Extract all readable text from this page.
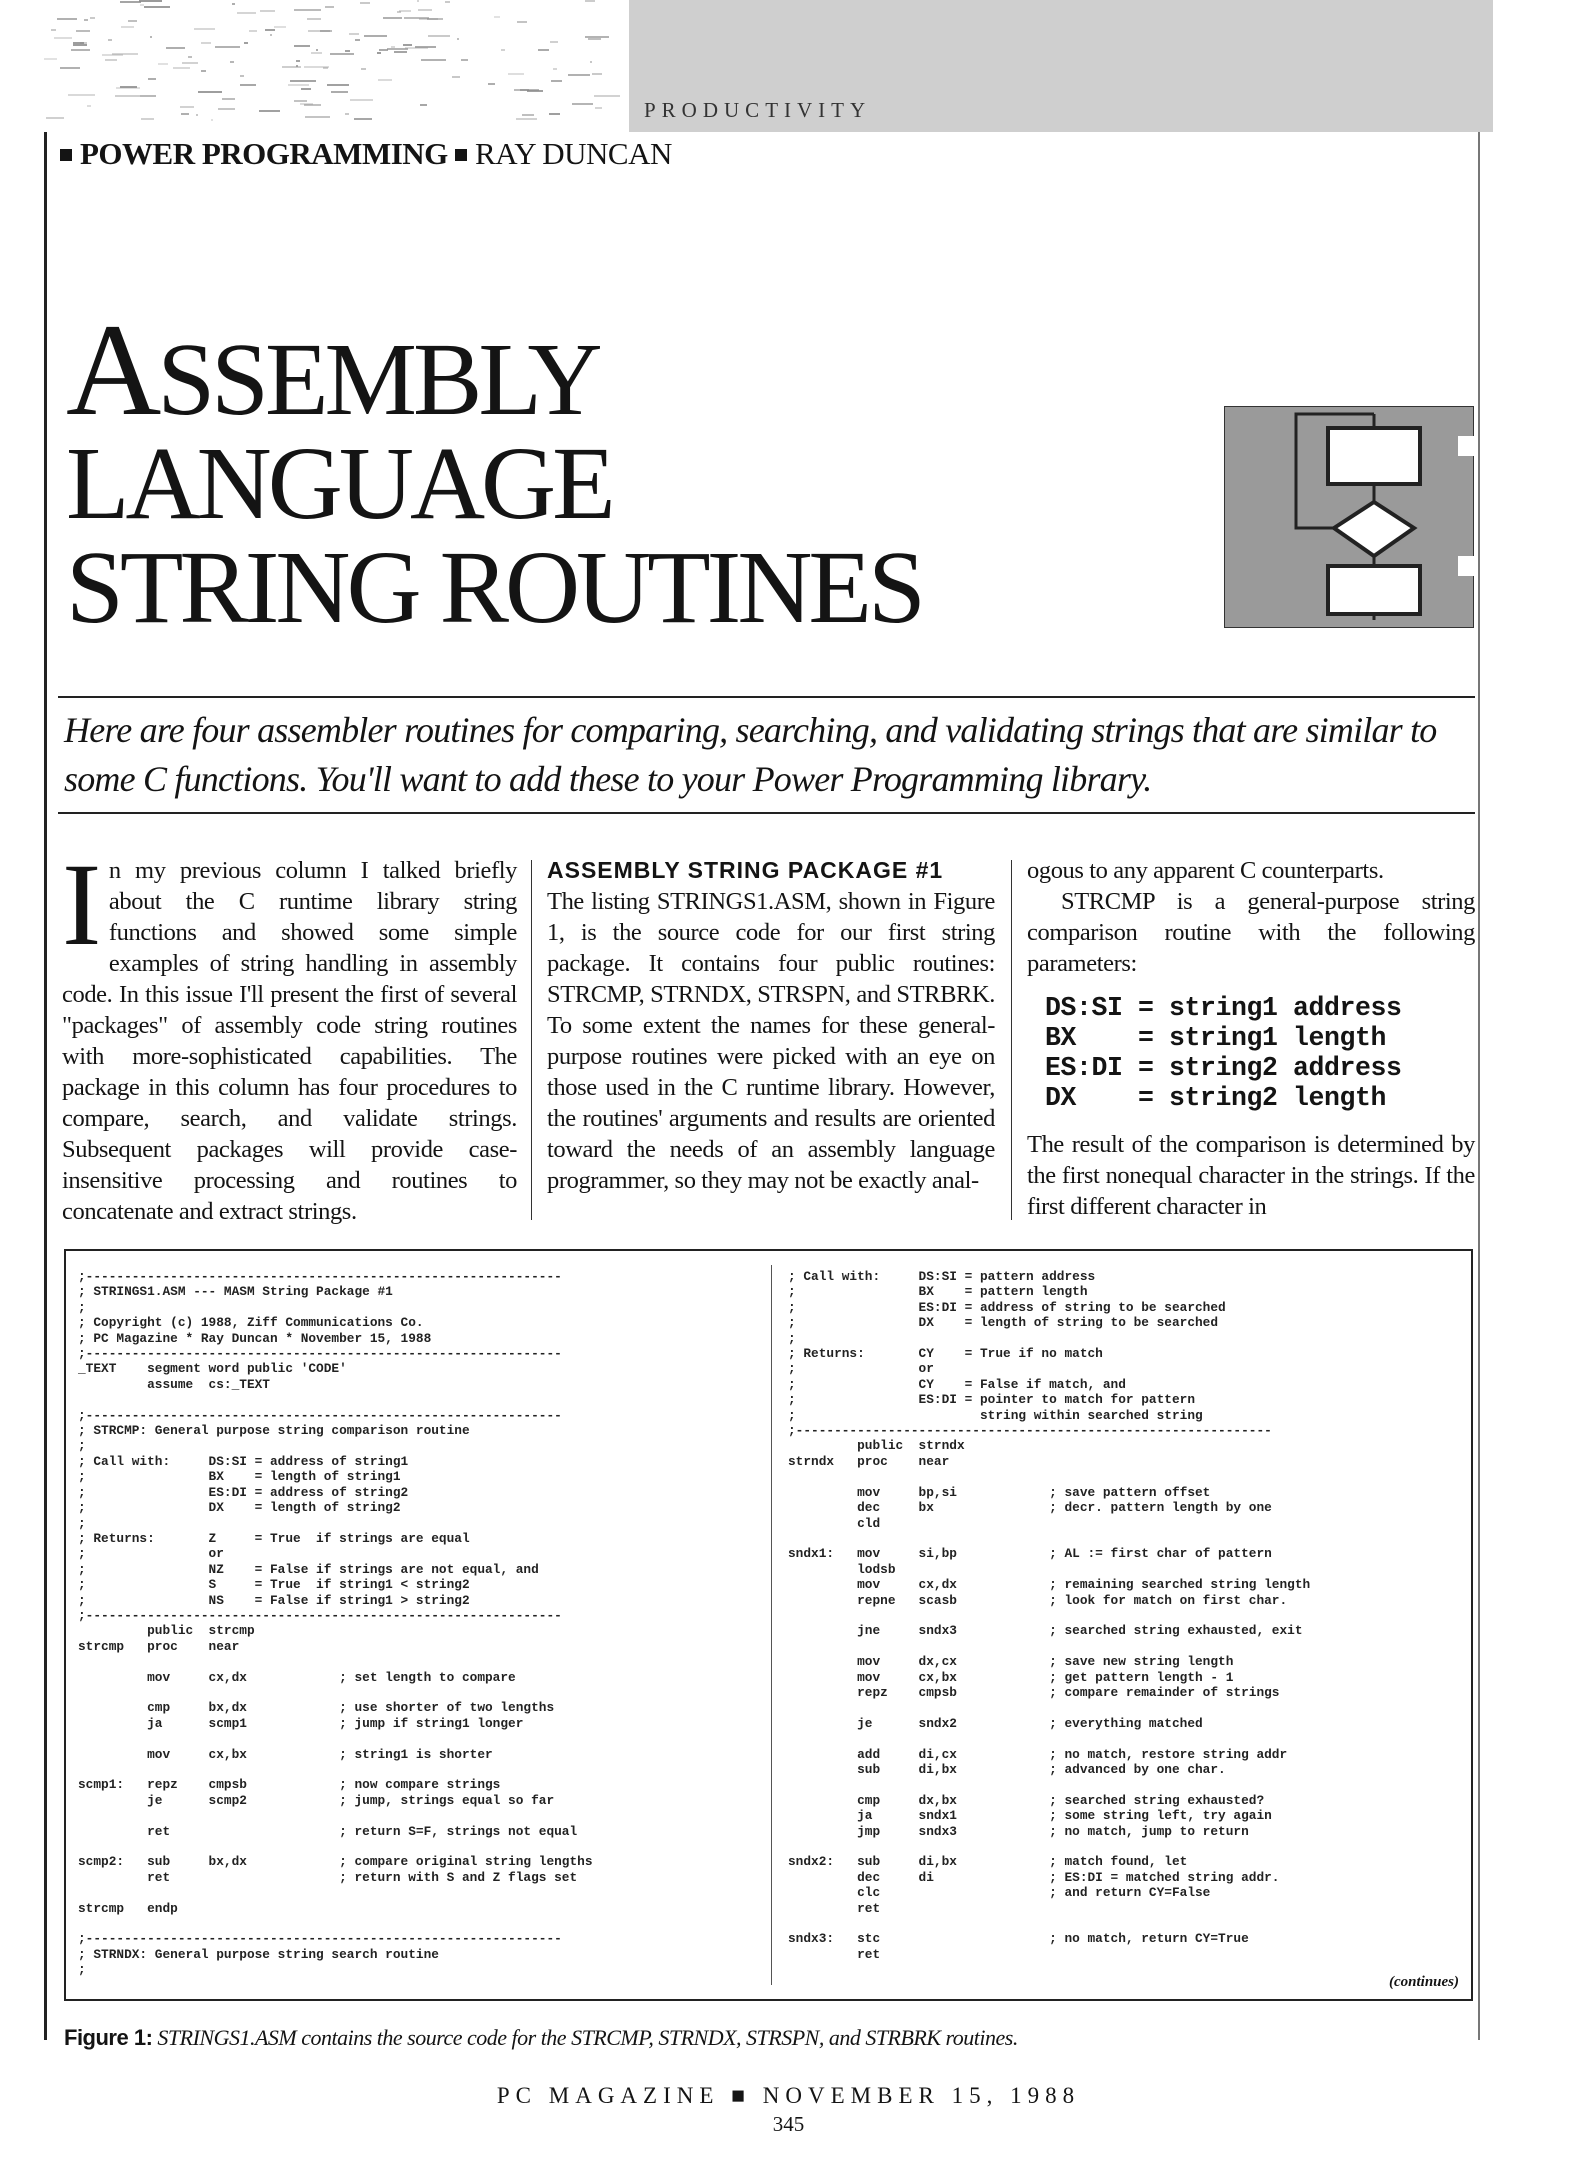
PRODUCTIVITY
POWER PROGRAMMING RAY DUNCAN
ASSEMBLY
LANGUAGE
STRING ROUTINES

Here are four assembler routines for comparing, searching, and validating strings that are similar to some C functions. You'll want to add these to your Power Programming library.

I n my previous column I talked briefly about the C runtime library string functions and showed some simple examples of string handling in assembly code. In this issue I'll present the first of several "packages" of assembly code string routines with more-sophisticated capabilities. The package in this column has four procedures to compare, search, and validate strings. Subsequent packages will provide case-insensitive processing and routines to concatenate and extract strings.

ASSEMBLY STRING PACKAGE #1

The listing STRINGS1.ASM, shown in Figure 1, is the source code for our first string package. It contains four public routines: STRCMP, STRNDX, STRSPN, and STRBRK. To some extent the names for these general-purpose routines were picked with an eye on those used in the C runtime library. However, the routines' arguments and results are oriented toward the needs of an assembly language programmer, so they may not be exactly anal-

ogous to any apparent C counterparts.

STRCMP is a general-purpose string comparison routine with the following parameters:

DS:SI = string1 address
BX    = string1 length
ES:DI = string2 address
DX    = string2 length

The result of the comparison is determined by the first nonequal character in the strings. If the first different character in

;--------------------------------------------------------------
; STRINGS1.ASM --- MASM String Package #1
;
; Copyright (c) 1988, Ziff Communications Co.
; PC Magazine * Ray Duncan * November 15, 1988
;--------------------------------------------------------------
_TEXT    segment word public 'CODE'
assume  cs:_TEXT

;--------------------------------------------------------------
; STRCMP: General purpose string comparison routine
;
; Call with:     DS:SI = address of string1
;                BX    = length of string1
;                ES:DI = address of string2
;                DX    = length of string2
;
; Returns:       Z     = True  if strings are equal
;                or
;                NZ    = False if strings are not equal, and
;                S     = True  if string1 < string2
;                NS    = False if string1 > string2
;--------------------------------------------------------------
public  strcmp
strcmp   proc    near

mov     cx,dx            ; set length to compare

cmp     bx,dx            ; use shorter of two lengths
ja      scmp1            ; jump if string1 longer

mov     cx,bx            ; string1 is shorter

scmp1:   repz    cmpsb            ; now compare strings
je      scmp2            ; jump, strings equal so far

ret                      ; return S=F, strings not equal

scmp2:   sub     bx,dx            ; compare original string lengths
ret                      ; return with S and Z flags set

strcmp   endp

;--------------------------------------------------------------
; STRNDX: General purpose string search routine
;
; Call with:     DS:SI = pattern address
;                BX    = pattern length
;                ES:DI = address of string to be searched
;                DX    = length of string to be searched
;
; Returns:       CY    = True if no match
;                or
;                CY    = False if match, and
;                ES:DI = pointer to match for pattern
;                        string within searched string
;--------------------------------------------------------------
public  strndx
strndx   proc    near

mov     bp,si            ; save pattern offset
dec     bx               ; decr. pattern length by one
cld

sndx1:   mov     si,bp            ; AL := first char of pattern
lodsb
mov     cx,dx            ; remaining searched string length
repne   scasb            ; look for match on first char.

jne     sndx3            ; searched string exhausted, exit

mov     dx,cx            ; save new string length
mov     cx,bx            ; get pattern length - 1
repz    cmpsb            ; compare remainder of strings

je      sndx2            ; everything matched

add     di,cx            ; no match, restore string addr
sub     di,bx            ; advanced by one char.

cmp     dx,bx            ; searched string exhausted?
ja      sndx1            ; some string left, try again
jmp     sndx3            ; no match, jump to return

sndx2:   sub     di,bx            ; match found, let
dec     di               ; ES:DI = matched string addr.
clc                      ; and return CY=False
ret

sndx3:   stc                      ; no match, return CY=True
ret
(continues)
Figure 1: STRINGS1.ASM contains the source code for the STRCMP, STRNDX, STRSPN, and STRBRK routines.
PC MAGAZINE ■ NOVEMBER 15, 1988
345
